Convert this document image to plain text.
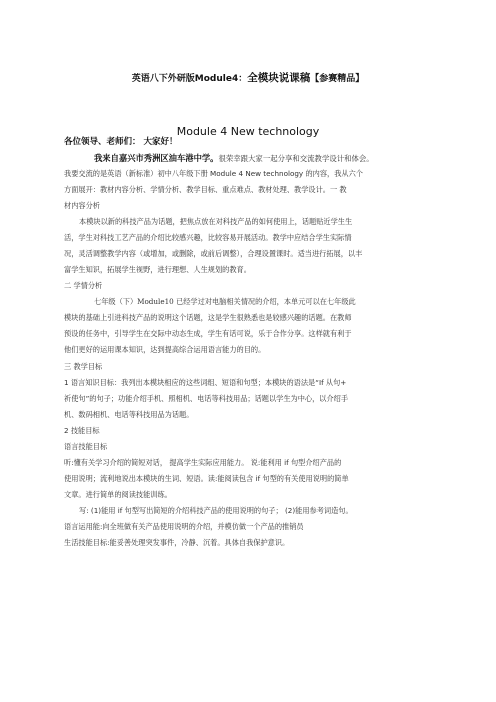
英语八下外研版Module4：全模块说课稿【参赛精品】
Module 4 New technology
各位领导、老师们： 大家好！
我来自嘉兴市秀洲区油车港中学。很荣幸跟大家一起分享和交流教学设计和体会。
我要交流的是英语（新标准）初中八年级下册 Module 4 New technology 的内容，我从六个
方面展开：教材内容分析、学情分析、教学目标、重点难点、教材处理、教学设计。一 教
材内容分析
本模块以新的科技产品为话题，把焦点放在对科技产品的如何使用上，话题贴近学生生
活，学生对科技工艺产品的介绍比较感兴趣，比较容易开展活动。教学中应结合学生实际情
况，灵活调整教学内容（或增加，或删除，或前后调整），合理设置课时。适当进行拓展，以丰
富学生知识，拓展学生视野，进行理想、人生规划的教育。
二 学情分析
七年级（下）Module10 已经学过对电脑相关情况的介绍，本单元可以在七年级此
模块的基础上引进科技产品的说明这个话题，这是学生很熟悉也是较感兴趣的话题。在教师
预设的任务中，引导学生在交际中动态生成，学生有话可说，乐于合作分享。这样就有利于
他们更好的运用课本知识，达到提高综合运用语言能力的目的。
三 教学目标
1 语言知识目标：我列出本模块相应的这些词组、短语和句型；本模块的语法是“If 从句+
祈使句”的句子；功能介绍手机、照相机、电话等科技用品；话题以学生为中心，以介绍手
机、数码相机、电话等科技用品为话题。
2 技能目标
语言技能目标
听:懂有关学习介绍的简短对话， 提高学生实际应用能力。 说:能利用 if 句型介绍产品的
使用说明；流利地说出本模块的生词、短语。读:能阅读包含 if 句型的有关使用说明的简单
文章。进行简单的阅读技能训练。
写: (1)能用 if 句型写出简短的介绍科技产品的使用说明的句子； (2)能用参考词造句。
语言运用能:向全班做有关产品使用说明的介绍，并模仿做一个产品的推销员
生活技能目标:能妥善处理突发事件，冷静、沉着。具体自我保护意识。
